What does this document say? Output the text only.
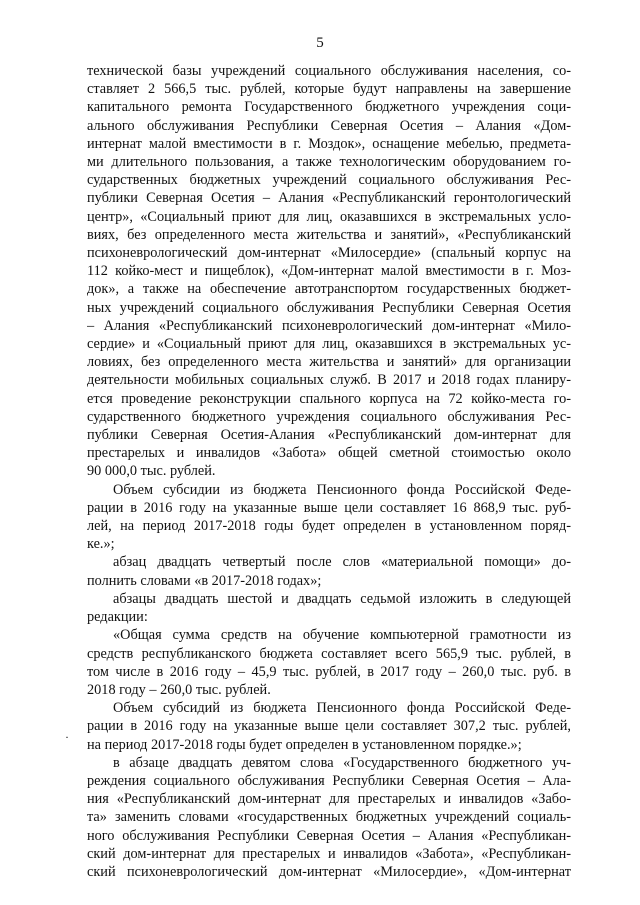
5
технической базы учреждений социального обслуживания населения, со-
ставляет 2 566,5 тыс. рублей, которые будут направлены на завершение
капитального ремонта Государственного бюджетного учреждения соци-
ального обслуживания Республики Северная Осетия – Алания «Дом-
интернат малой вместимости в г. Моздок», оснащение мебелью, предмета-
ми длительного пользования, а также технологическим оборудованием го-
сударственных бюджетных учреждений социального обслуживания Рес-
публики Северная Осетия – Алания «Республиканский геронтологический
центр», «Социальный приют для лиц, оказавшихся в экстремальных усло-
виях, без определенного места жительства и занятий», «Республиканский
психоневрологический дом-интернат «Милосердие» (спальный корпус на
112 койко-мест и пищеблок), «Дом-интернат малой вместимости в г. Моз-
док», а также на обеспечение автотранспортом государственных бюджет-
ных учреждений социального обслуживания Республики Северная Осетия
– Алания «Республиканский психоневрологический дом-интернат «Мило-
сердие» и «Социальный приют для лиц, оказавшихся в экстремальных ус-
ловиях, без определенного места жительства и занятий» для организации
деятельности мобильных социальных служб. В 2017 и 2018 годах планиру-
ется проведение реконструкции спального корпуса на 72 койко-места го-
сударственного бюджетного учреждения социального обслуживания Рес-
публики Северная Осетия-Алания «Республиканский дом-интернат для
престарелых и инвалидов «Забота» общей сметной стоимостью около
90 000,0 тыс. рублей.
Объем субсидии из бюджета Пенсионного фонда Российской Феде-
рации в 2016 году на указанные выше цели составляет 16 868,9 тыс. руб-
лей, на период 2017-2018 годы будет определен в установленном поряд-
ке.»;
абзац двадцать четвертый после слов «материальной помощи» до-
полнить словами «в 2017-2018 годах»;
абзацы двадцать шестой и двадцать седьмой изложить в следующей
редакции:
«Общая сумма средств на обучение компьютерной грамотности из
средств республиканского бюджета составляет всего 565,9 тыс. рублей, в
том числе в 2016 году – 45,9 тыс. рублей, в 2017 году – 260,0 тыс. руб. в
2018 году – 260,0 тыс. рублей.
Объем субсидий из бюджета Пенсионного фонда Российской Феде-
рации в 2016 году на указанные выше цели составляет 307,2 тыс. рублей,
на период 2017-2018 годы будет определен в установленном порядке.»;
в абзаце двадцать девятом слова «Государственного бюджетного уч-
реждения социального обслуживания Республики Северная Осетия – Ала-
ния «Республиканский дом-интернат для престарелых и инвалидов «Забо-
та» заменить словами «государственных бюджетных учреждений социаль-
ного обслуживания Республики Северная Осетия – Алания «Республикан-
ский дом-интернат для престарелых и инвалидов «Забота», «Республикан-
ский психоневрологический дом-интернат «Милосердие», «Дом-интернат
·
